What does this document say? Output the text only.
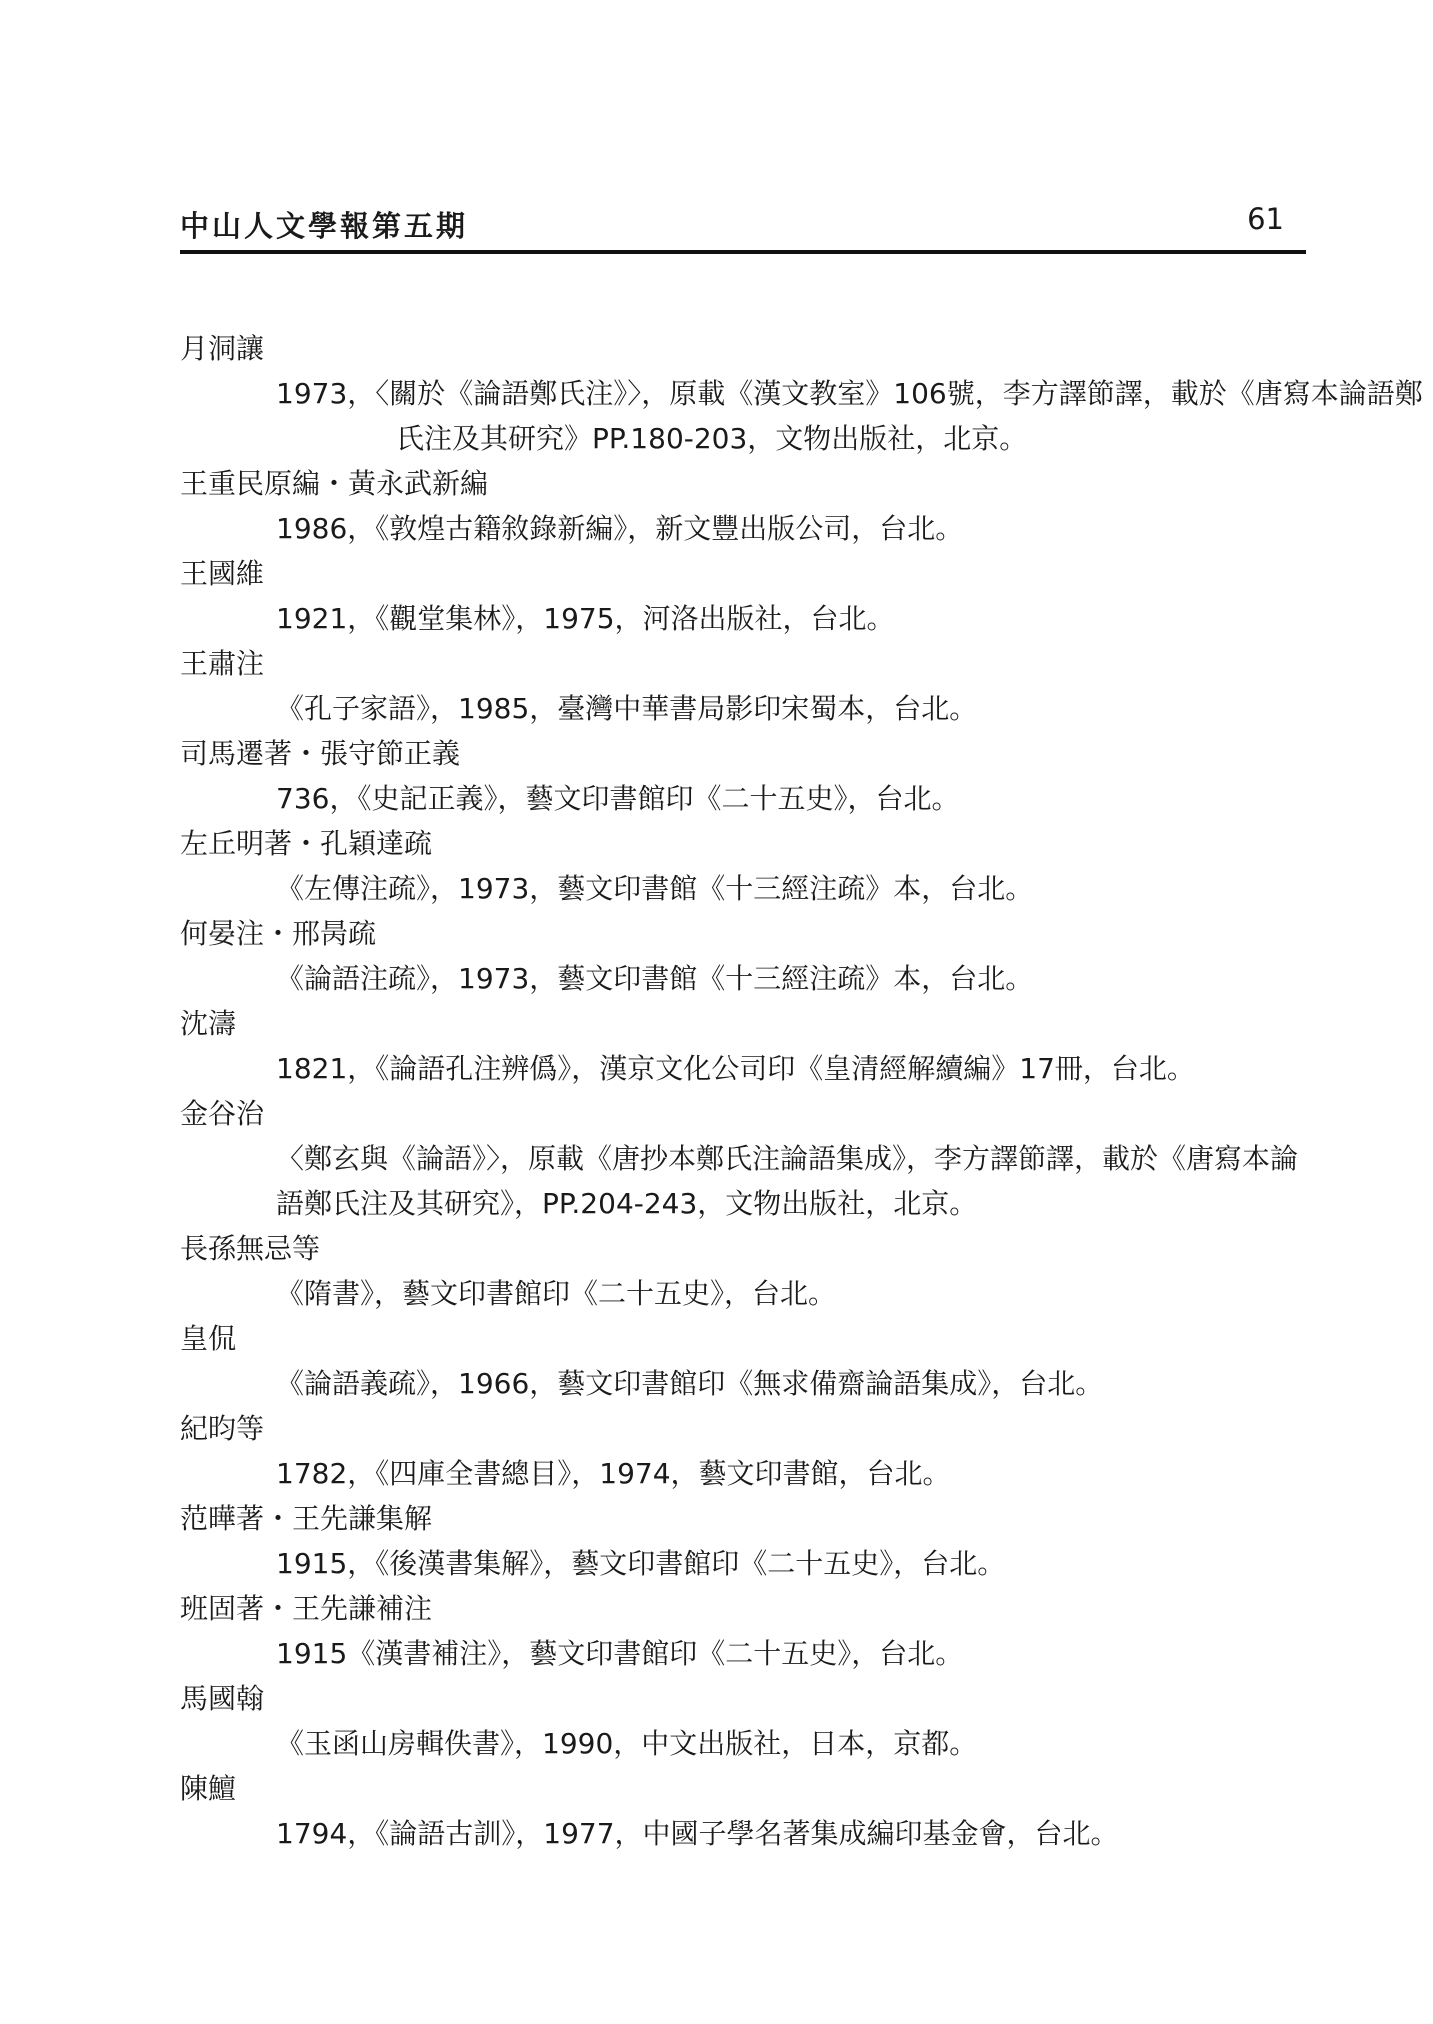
中山人文學報第五期	61
月洞讓
1973，〈關於《論語鄭氏注》〉，原載《漢文教室》106號，李方譯節譯，載於《唐寫本論語鄭氏注及其研究》PP.180-203，文物出版社，北京。
王重民原編・黃永武新編
1986，《敦煌古籍敘錄新編》，新文豐出版公司，台北。
王國維
1921，《觀堂集林》，1975，河洛出版社，台北。
王肅注
《孔子家語》，1985，臺灣中華書局影印宋蜀本，台北。
司馬遷著・張守節正義
736，《史記正義》，藝文印書館印《二十五史》，台北。
左丘明著・孔穎達疏
《左傳注疏》，1973，藝文印書館《十三經注疏》本，台北。
何晏注・邢昺疏
《論語注疏》，1973，藝文印書館《十三經注疏》本，台北。
沈濤
1821，《論語孔注辨僞》，漢京文化公司印《皇清經解續編》17冊，台北。
金谷治
〈鄭玄與《論語》〉，原載《唐抄本鄭氏注論語集成》，李方譯節譯，載於《唐寫本論語鄭氏注及其研究》，PP.204-243，文物出版社，北京。
長孫無忌等
《隋書》，藝文印書館印《二十五史》，台北。
皇侃
《論語義疏》，1966，藝文印書館印《無求備齋論語集成》，台北。
紀昀等
1782，《四庫全書總目》，1974，藝文印書館，台北。
范曄著・王先謙集解
1915，《後漢書集解》，藝文印書館印《二十五史》，台北。
班固著・王先謙補注
1915《漢書補注》，藝文印書館印《二十五史》，台北。
馬國翰
《玉函山房輯佚書》，1990，中文出版社，日本，京都。
陳鱣
1794，《論語古訓》，1977，中國子學名著集成編印基金會，台北。
